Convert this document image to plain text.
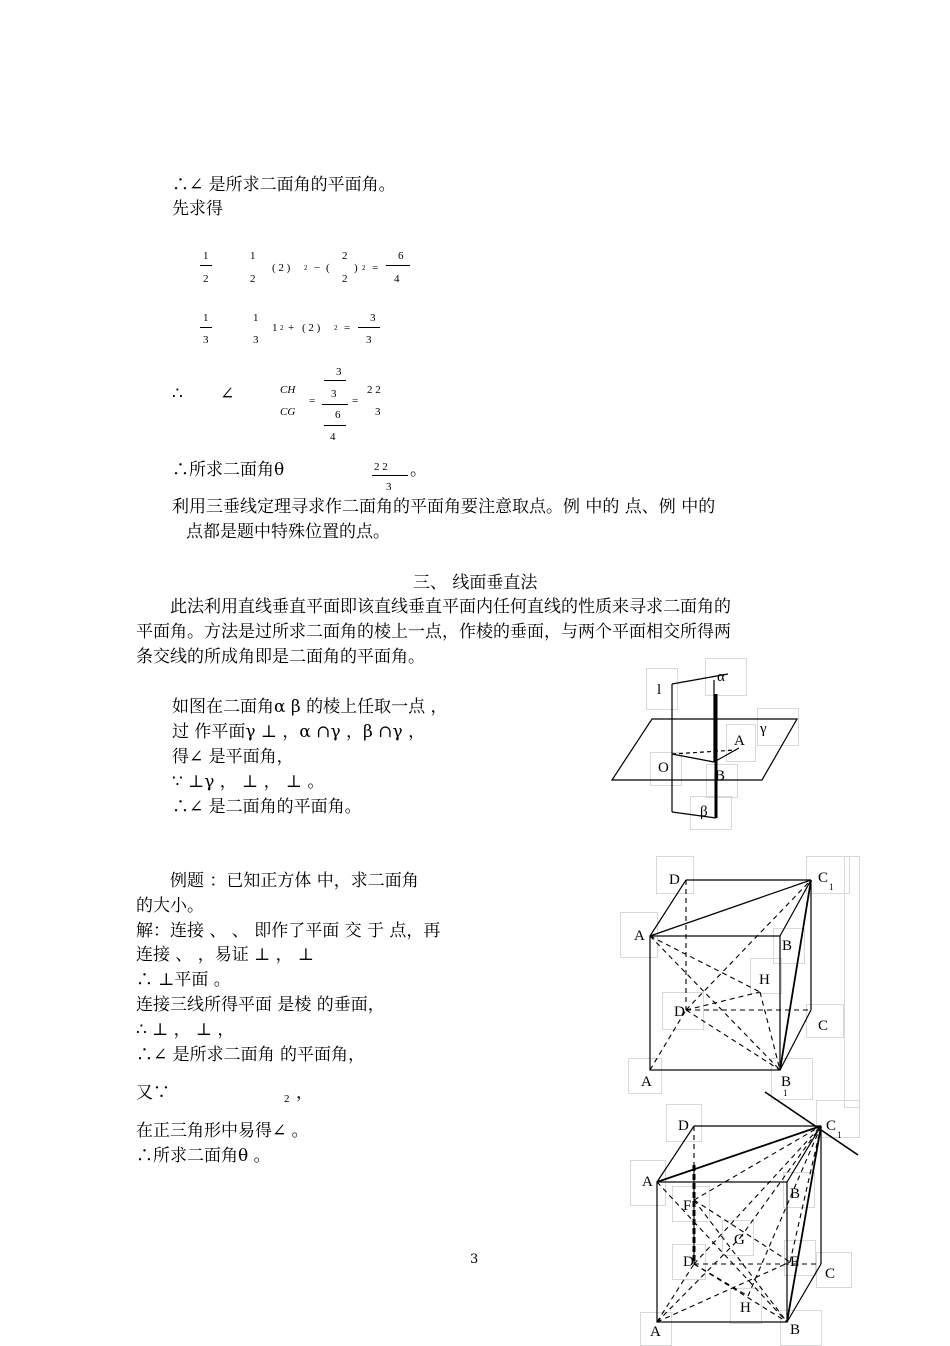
∴∠ 是所求二面角的平面角。
先求得
1
2
1
2
( 2 ) 2 − (
2
2
) 2 =
6
4
1
3
1
3
1 2 + ( 2 ) 2 =
3
3
∴ ∠	CH
CG
=
3
3
6
4
=
2 2
3
∴所求二面角θ	2 2
3
。
利用三垂线定理寻求作二面角的平面角要注意取点。例 中的 点、例 中的
点都是题中特殊位置的点。
三、 线面垂直法
此法利用直线垂直平面即该直线垂直平面内任何直线的性质来寻求二面角的
平面角。方法是过所求二面角的棱上一点，作棱的垂面，与两个平面相交所得两
条交线的所成角即是二面角的平面角。
如图在二面角α β 的棱上任取一点 ，
过 作平面γ ⊥ ，α ∩γ ，β ∩γ ，
得∠ 是平面角，
∵ ⊥γ ， ⊥ ， ⊥ 。
∴∠ 是二面角的平面角。
l
α
γ
A
O	B
β
例题 ：已知正方体 中，求二面角
的大小。
解：连接 、 、 即作了平面 交 于 点，再
连接 、 ，易证 ⊥ ， ⊥
∴ ⊥平面 。
连接三线所得平面 是棱 的垂面，
∴ ⊥ ， ⊥ ，
∴∠ 是所求二面角 的平面角，
又∵	2 ，
在正三角形中易得∠ 。
∴所求二面角θ 。
3
D	C
1
A
B
H
D
C
A	B
1
D	C
1
A
B
F
G
D	E
C
H
A	B
